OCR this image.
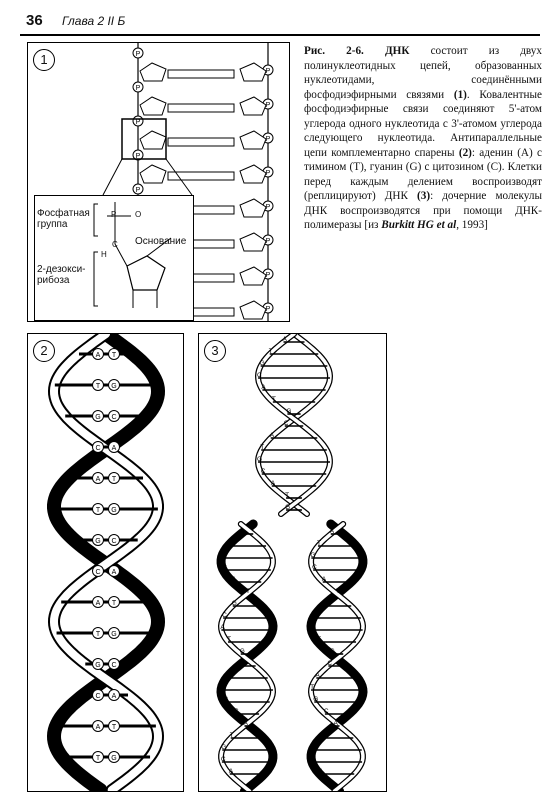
36 Глава 2 II Б
P
P
P
P
P
P
P
P
P
P
P
P
P
1
Фосфатная группа
Основание
2-дезокси-рибоза
P O
C
H
A T
T G
G C
C A
A T
T G
G C
C A
A T
T G
G C
C A
A T
T G
2
A
T
G
C
A
T
G
C
A
T
G
C
A
T
G
A
T
G
C
A
T
G
C
A
T
G
C
A
T
G
C
A
T
G
C
A
A
T
G
C
A
T
G
C
A
T
G
C
A
T
G
C
A
T
G
C
A
3
Рис. 2-6. ДНК состоит из двух полинуклеотидных цепей, образованных нуклеотидами, соединёнными фосфодиэфирными связями (1). Ковалентные фосфодиэфирные связи соединяют 5'-атом углерода одного нуклеотида с 3'-атомом углерода следующего нуклеотида. Антипараллельные цепи комплементарно спарены (2): аденин (A) с тимином (T), гуанин (G) с цитозином (C). Клетки перед каждым делением воспроизводят (реплицируют) ДНК (3): дочерние молекулы ДНК воспроизводятся при помощи ДНК-полимеразы [из Burkitt HG et al, 1993]
